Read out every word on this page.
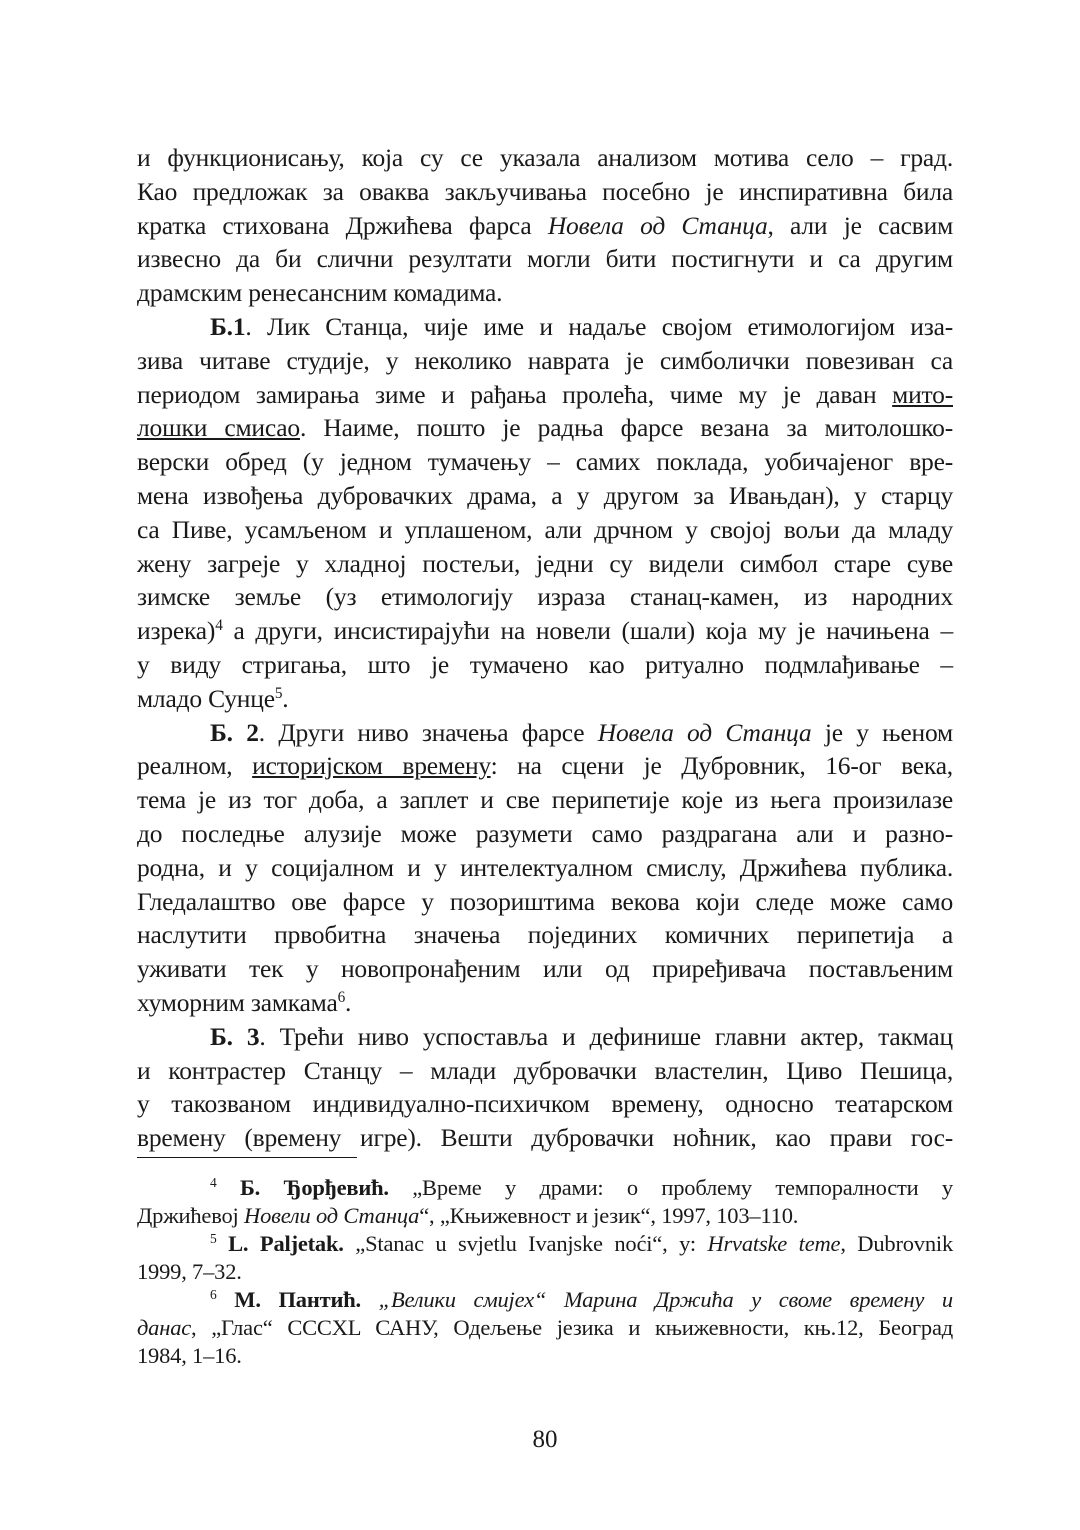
и функционисању, која су се указала анализом мотива село – град.
Као предложак за оваква закључивања посебно је инспиративна била
кратка стихована Држићева фарса Новела од Станца, али је сасвим
извесно да би слични резултати могли бити постигнути и са другим
драмским ренесансним комадима.
Б.1. Лик Станца, чије име и надаље својом етимологијом иза-
зива читаве студије, у неколико наврата је симболички повезиван са
периодом замирања зиме и рађања пролећа, чиме му је даван мито-
лошки смисао. Наиме, пошто је радња фарсе везана за митолошко-
верски обред (у једном тумачењу – самих поклада, уобичајеног вре-
мена извођења дубровачких драма, а у другом за Ивањдан), у старцу
са Пиве, усамљеном и уплашеном, али дрчном у својој вољи да младу
жену загреје у хладној постељи, једни су видели симбол старе суве
зимске земље (уз етимологију израза станац-камен, из народних
изрека)$^4$ а други, инсистирајући на новели (шали) која му је начињена –
у виду стригања, што је тумачено као ритуално подмлађивање –
младо Сунце$^5$.
Б. 2. Други ниво значења фарсе Новела од Станца је у њеном
реалном, историјском времену: на сцени је Дубровник, 16-ог века,
тема је из тог доба, а заплет и све перипетије које из њега произилазе
до последње алузије може разумети само раздрагана али и разно-
родна, и у социјалном и у интелектуалном смислу, Држићева публика.
Гледалаштво ове фарсе у позориштима векова који следе може само
наслутити првобитна значења појединих комичних перипетија а
уживати тек у новопронађеним или од приређивача постављеним
хуморним замкама$^6$.
Б. 3. Трећи ниво успоставља и дефинише главни актер, такмац
и контрастер Станцу – млади дубровачки властелин, Циво Пешица,
у такозваном индивидуално-психичком времену, односно театарском
времену (времену игре). Вешти дубровачки ноћник, као прави гос-
$^4$ Б. Ђорђевић. „Време у драми: о проблему темпоралности у
Држићевој Новели од Станца“, „Књижевност и језик“, 1997, 103–110.
$^5$ L. Paljetak. „Stanac u svjetlu Ivanjske noći“, у: Hrvatske teme, Dubrovnik
1999, 7–32.
$^6$ М. Пантић. „Велики смијех“ Марина Држића у своме времену и
данас, „Глас“ CCCXL САНУ, Одељење језика и књижевности, књ.12, Београд
1984, 1–16.
80
